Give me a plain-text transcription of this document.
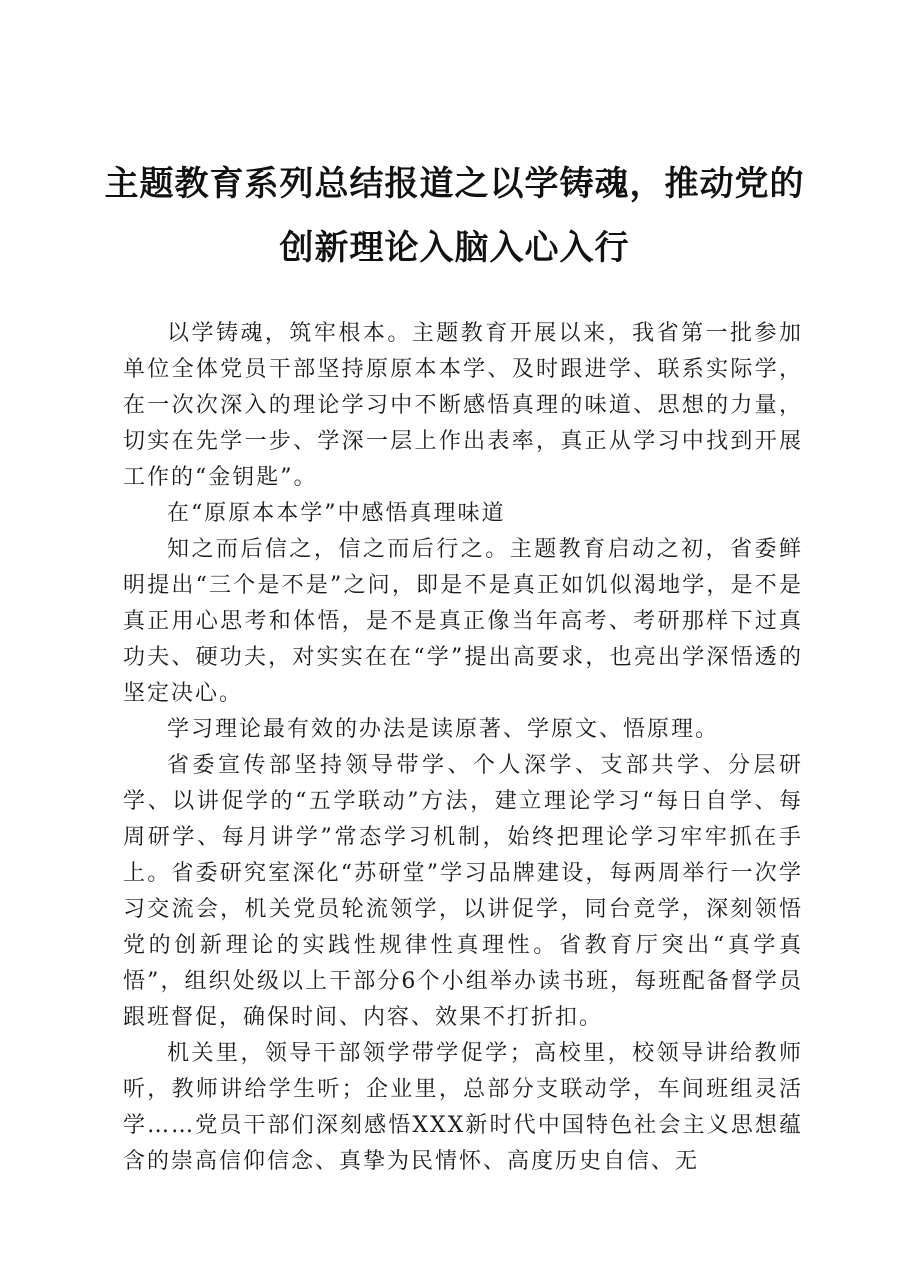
主题教育系列总结报道之以学铸魂，推动党的
创新理论入脑入心入行

以学铸魂，筑牢根本。主题教育开展以来，我省第一批参加单位全体党员干部坚持原原本本学、及时跟进学、联系实际学，在一次次深入的理论学习中不断感悟真理的味道、思想的力量，切实在先学一步、学深一层上作出表率，真正从学习中找到开展工作的“金钥匙”。

在“原原本本学”中感悟真理味道

知之而后信之，信之而后行之。主题教育启动之初，省委鲜明提出“三个是不是”之问，即是不是真正如饥似渴地学，是不是真正用心思考和体悟，是不是真正像当年高考、考研那样下过真功夫、硬功夫，对实实在在“学”提出高要求，也亮出学深悟透的坚定决心。

学习理论最有效的办法是读原著、学原文、悟原理。

省委宣传部坚持领导带学、个人深学、支部共学、分层研学、以讲促学的“五学联动”方法，建立理论学习“每日自学、每周研学、每月讲学”常态学习机制，始终把理论学习牢牢抓在手上。省委研究室深化“苏研堂”学习品牌建设，每两周举行一次学习交流会，机关党员轮流领学，以讲促学，同台竞学，深刻领悟党的创新理论的实践性规律性真理性。省教育厅突出“真学真悟”，组织处级以上干部分6个小组举办读书班，每班配备督学员跟班督促，确保时间、内容、效果不打折扣。

机关里，领导干部领学带学促学；高校里，校领导讲给教师听，教师讲给学生听；企业里，总部分支联动学，车间班组灵活学……党员干部们深刻感悟XXX新时代中国特色社会主义思想蕴含的崇高信仰信念、真挚为民情怀、高度历史自信、无
